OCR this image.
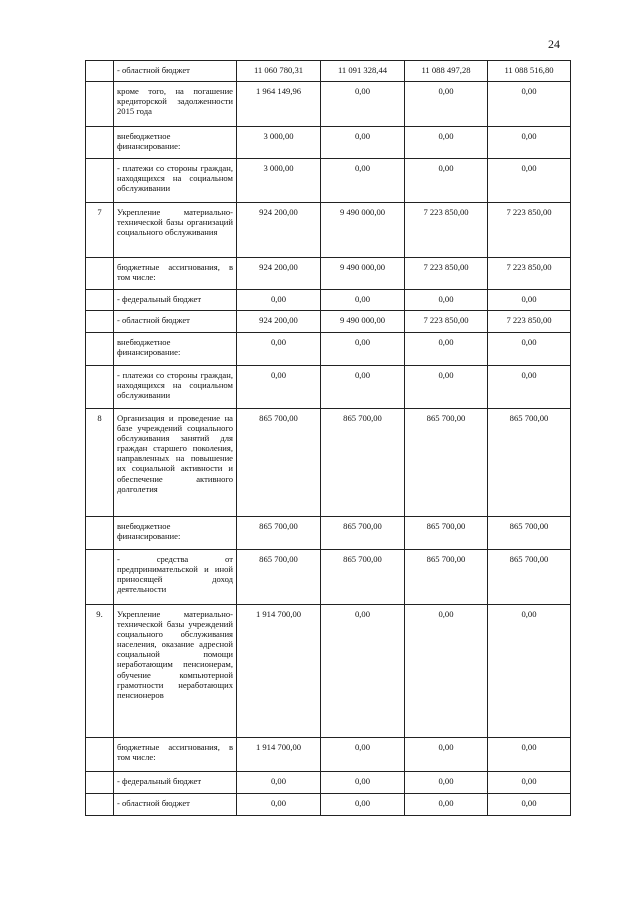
24
	- областной бюджет	11 060 780,31	11 091 328,44	11 088 497,28	11 088 516,80
	кроме того, на погашение кредиторской задолженности 2015 года	1 964 149,96	0,00	0,00	0,00
	внебюджетное финансирование:	3 000,00	0,00	0,00	0,00
	- платежи со стороны граждан, находящихся на социальном обслуживании	3 000,00	0,00	0,00	0,00
7	Укрепление материально-технической базы организаций социального обслуживания	924 200,00	9 490 000,00	7 223 850,00	7 223 850,00
	бюджетные ассигнования, в том числе:	924 200,00	9 490 000,00	7 223 850,00	7 223 850,00
	- федеральный бюджет	0,00	0,00	0,00	0,00
	- областной бюджет	924 200,00	9 490 000,00	7 223 850,00	7 223 850,00
	внебюджетное финансирование:	0,00	0,00	0,00	0,00
	- платежи со стороны граждан, находящихся на социальном обслуживании	0,00	0,00	0,00	0,00
8	Организация и проведение на базе учреждений социального обслуживания занятий для граждан старшего поколения, направленных на повышение их социальной активности и обеспечение активного долголетия	865 700,00	865 700,00	865 700,00	865 700,00
	внебюджетное финансирование:	865 700,00	865 700,00	865 700,00	865 700,00
	- средства от предпринимательской и иной приносящей доход деятельности	865 700,00	865 700,00	865 700,00	865 700,00
9.	Укрепление материально-технической базы учреждений социального обслуживания населения, оказание адресной социальной помощи неработающим пенсионерам, обучение компьютерной грамотности неработающих пенсионеров	1 914 700,00	0,00	0,00	0,00
	бюджетные ассигнования, в том числе:	1 914 700,00	0,00	0,00	0,00
	- федеральный бюджет	0,00	0,00	0,00	0,00
	- областной бюджет	0,00	0,00	0,00	0,00
